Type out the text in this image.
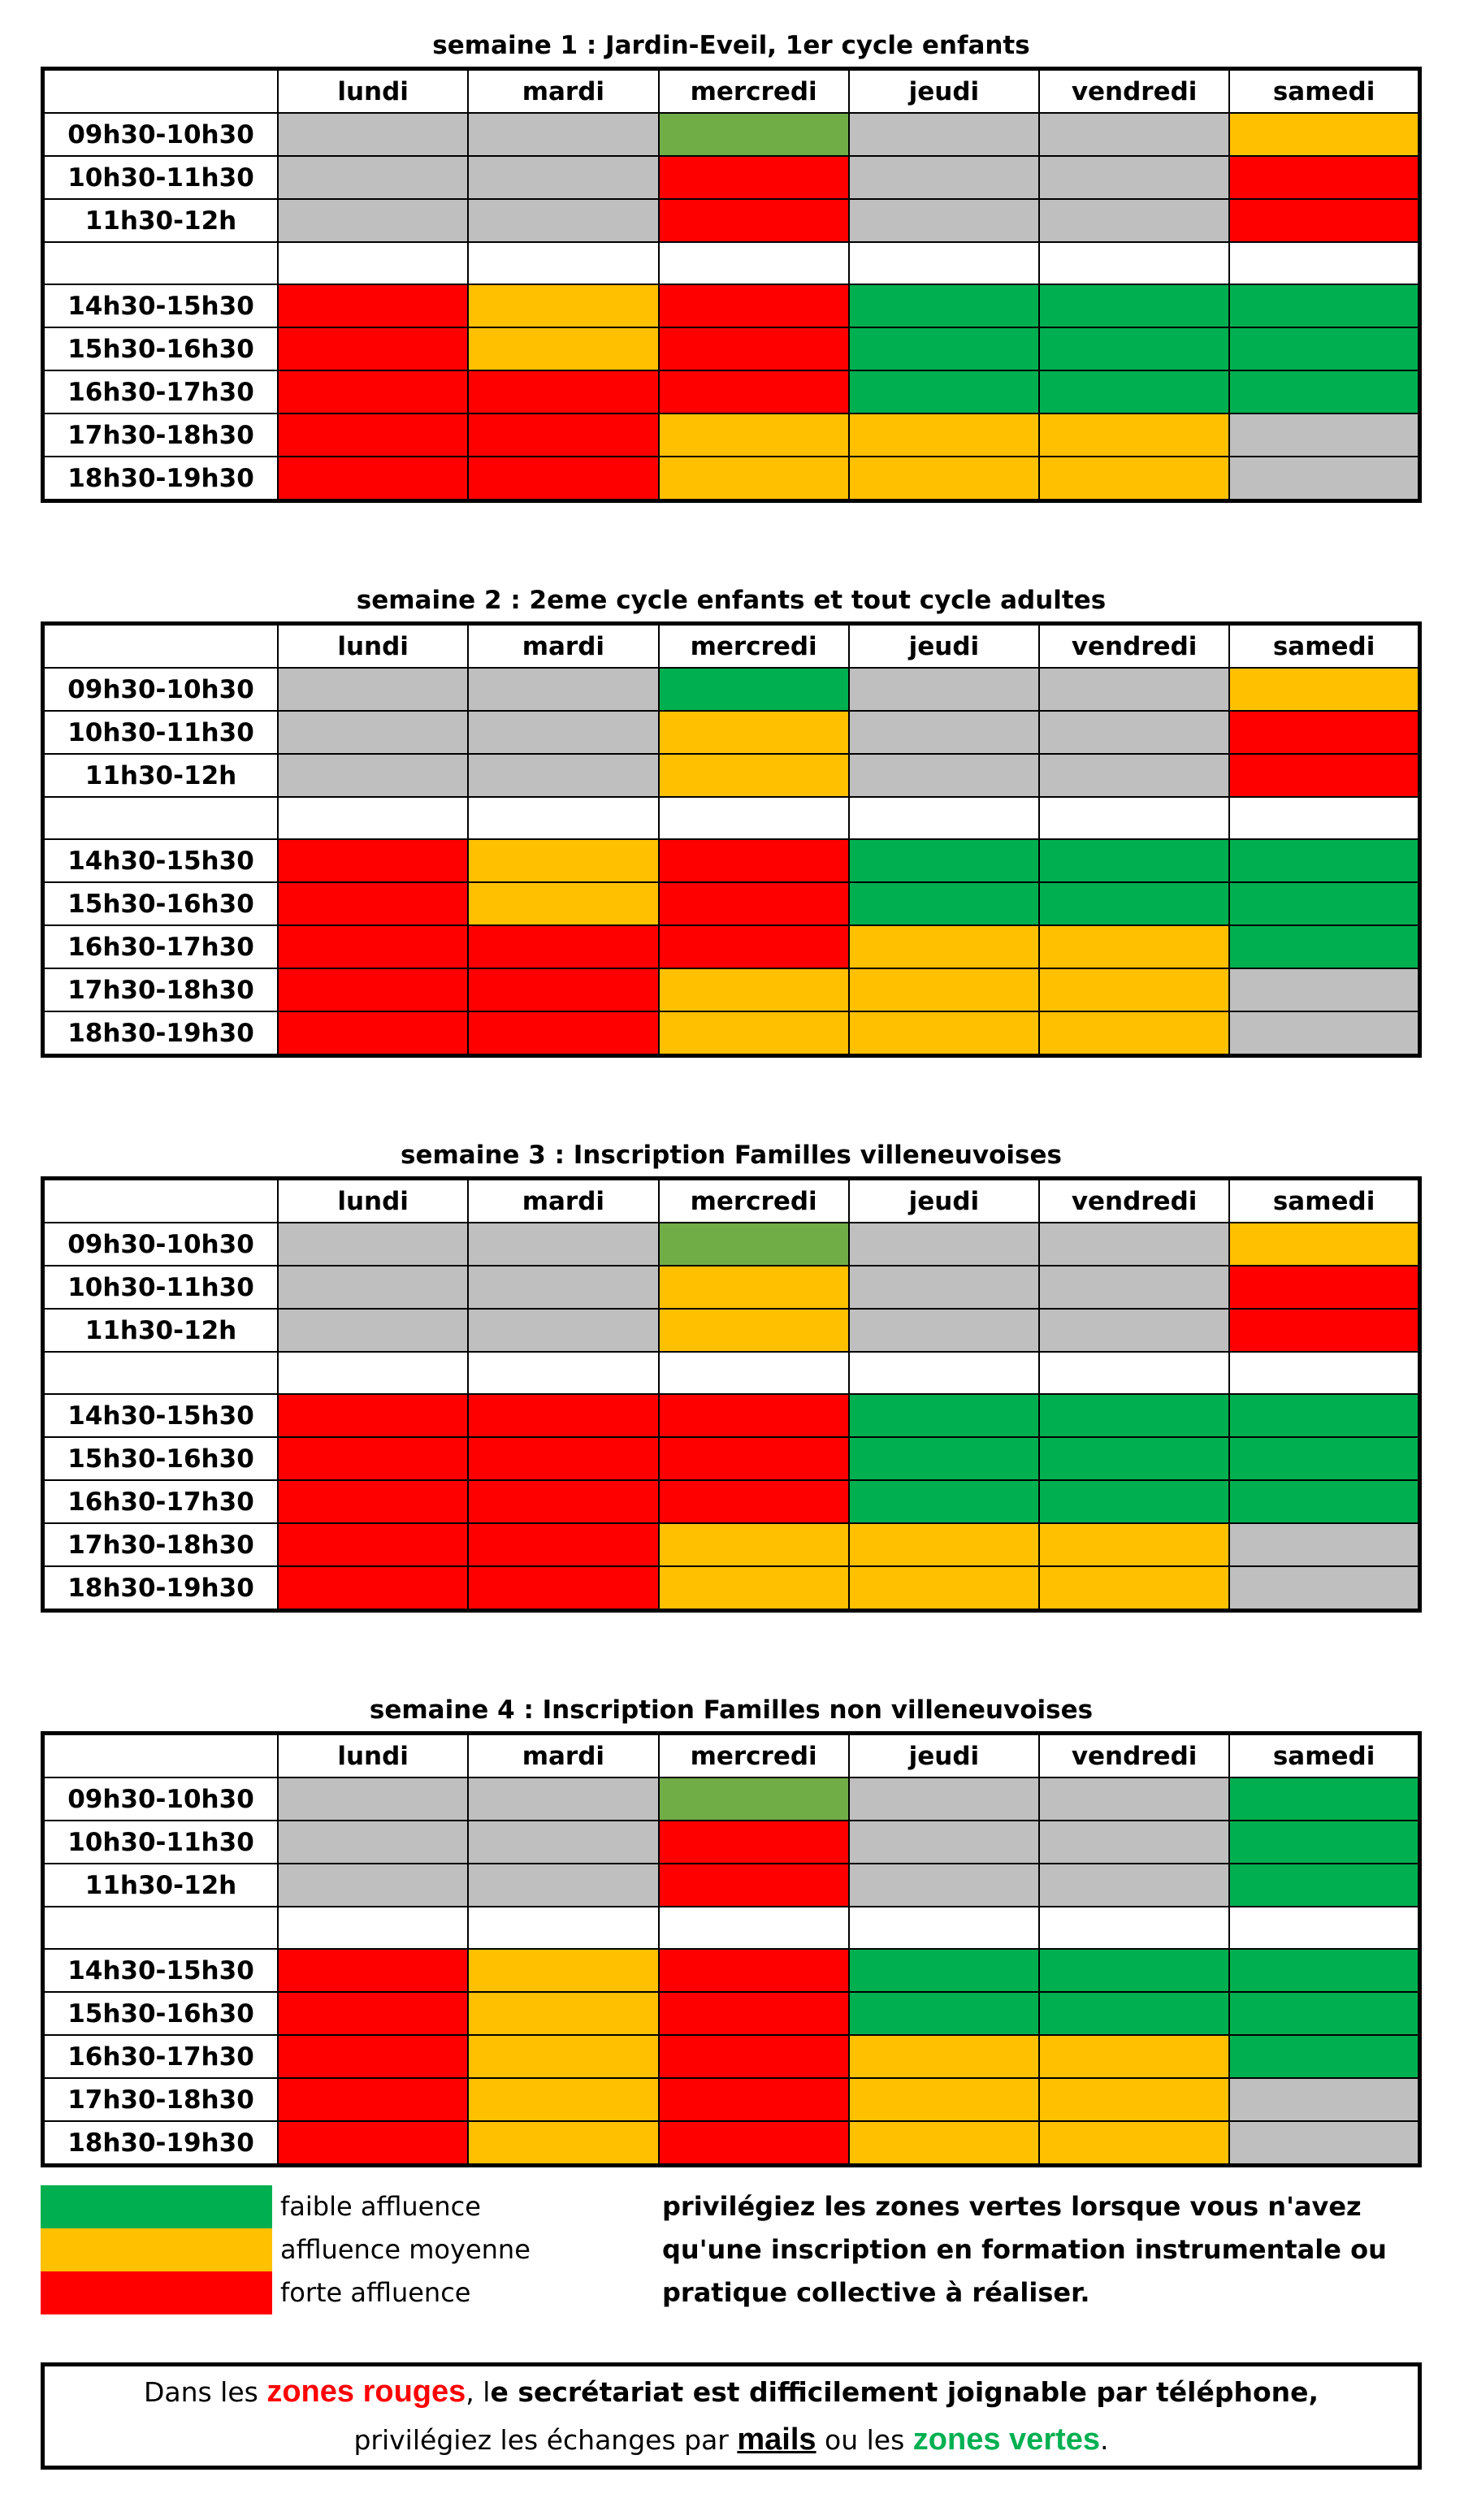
semaine 1 : Jardin-Eveil, 1er cycle enfants
	lundi	mardi	mercredi	jeudi	vendredi	samedi
09h30-10h30						
10h30-11h30						
11h30-12h						

14h30-15h30						
15h30-16h30						
16h30-17h30						
17h30-18h30						
18h30-19h30						
semaine 2 : 2eme cycle enfants et tout cycle adultes
	lundi	mardi	mercredi	jeudi	vendredi	samedi
09h30-10h30						
10h30-11h30						
11h30-12h						

14h30-15h30						
15h30-16h30						
16h30-17h30						
17h30-18h30						
18h30-19h30						
semaine 3 : Inscription Familles villeneuvoises
	lundi	mardi	mercredi	jeudi	vendredi	samedi
09h30-10h30						
10h30-11h30						
11h30-12h						

14h30-15h30						
15h30-16h30						
16h30-17h30						
17h30-18h30						
18h30-19h30						
semaine 4 : Inscription Familles non villeneuvoises
	lundi	mardi	mercredi	jeudi	vendredi	samedi
09h30-10h30						
10h30-11h30						
11h30-12h						

14h30-15h30						
15h30-16h30						
16h30-17h30						
17h30-18h30						
18h30-19h30						
faible affluence
affluence moyenne
forte affluence
privilégiez les zones vertes lorsque vous n'avez
qu'une inscription en formation instrumentale ou
pratique collective à réaliser.
Dans les zones rouges, le secrétariat est difficilement joignable par téléphone,
privilégiez les échanges par mails ou les zones vertes.
